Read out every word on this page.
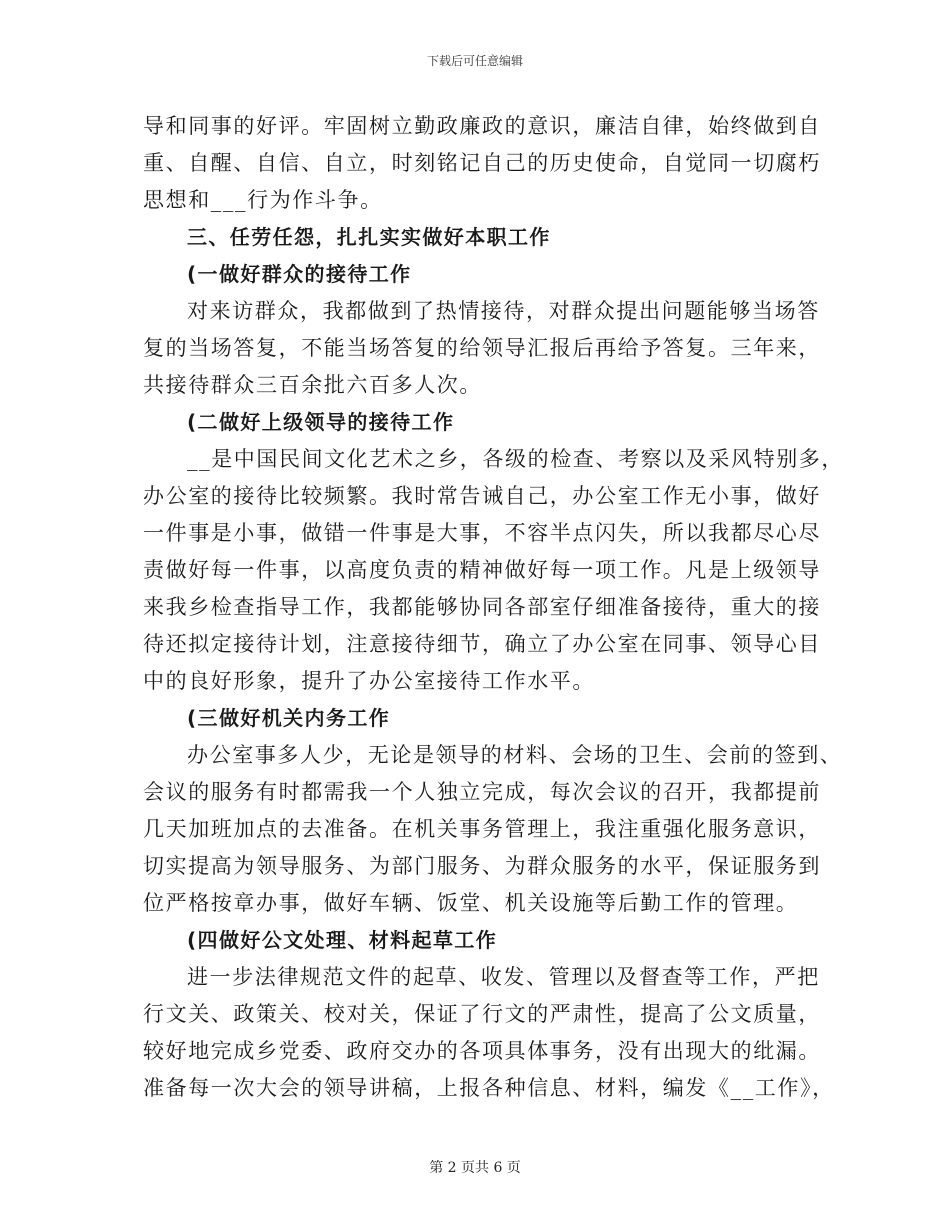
下载后可任意编辑
导和同事的好评。牢固树立勤政廉政的意识，廉洁自律，始终做到自
重、自醒、自信、自立，时刻铭记自己的历史使命，自觉同一切腐朽
思想和___行为作斗争。
三、任劳任怨，扎扎实实做好本职工作
(一做好群众的接待工作
对来访群众，我都做到了热情接待，对群众提出问题能够当场答
复的当场答复，不能当场答复的给领导汇报后再给予答复。三年来，
共接待群众三百余批六百多人次。
(二做好上级领导的接待工作
__是中国民间文化艺术之乡，各级的检查、考察以及采风特别多，
办公室的接待比较频繁。我时常告诫自己，办公室工作无小事，做好
一件事是小事，做错一件事是大事，不容半点闪失，所以我都尽心尽
责做好每一件事，以高度负责的精神做好每一项工作。凡是上级领导
来我乡检查指导工作，我都能够协同各部室仔细准备接待，重大的接
待还拟定接待计划，注意接待细节，确立了办公室在同事、领导心目
中的良好形象，提升了办公室接待工作水平。
(三做好机关内务工作
办公室事多人少，无论是领导的材料、会场的卫生、会前的签到、
会议的服务有时都需我一个人独立完成，每次会议的召开，我都提前
几天加班加点的去准备。在机关事务管理上，我注重强化服务意识，
切实提高为领导服务、为部门服务、为群众服务的水平，保证服务到
位严格按章办事，做好车辆、饭堂、机关设施等后勤工作的管理。
(四做好公文处理、材料起草工作
进一步法律规范文件的起草、收发、管理以及督查等工作，严把
行文关、政策关、校对关，保证了行文的严肃性，提高了公文质量，
较好地完成乡党委、政府交办的各项具体事务，没有出现大的纰漏。
准备每一次大会的领导讲稿，上报各种信息、材料，编发《__工作》，
第 2 页共 6 页
